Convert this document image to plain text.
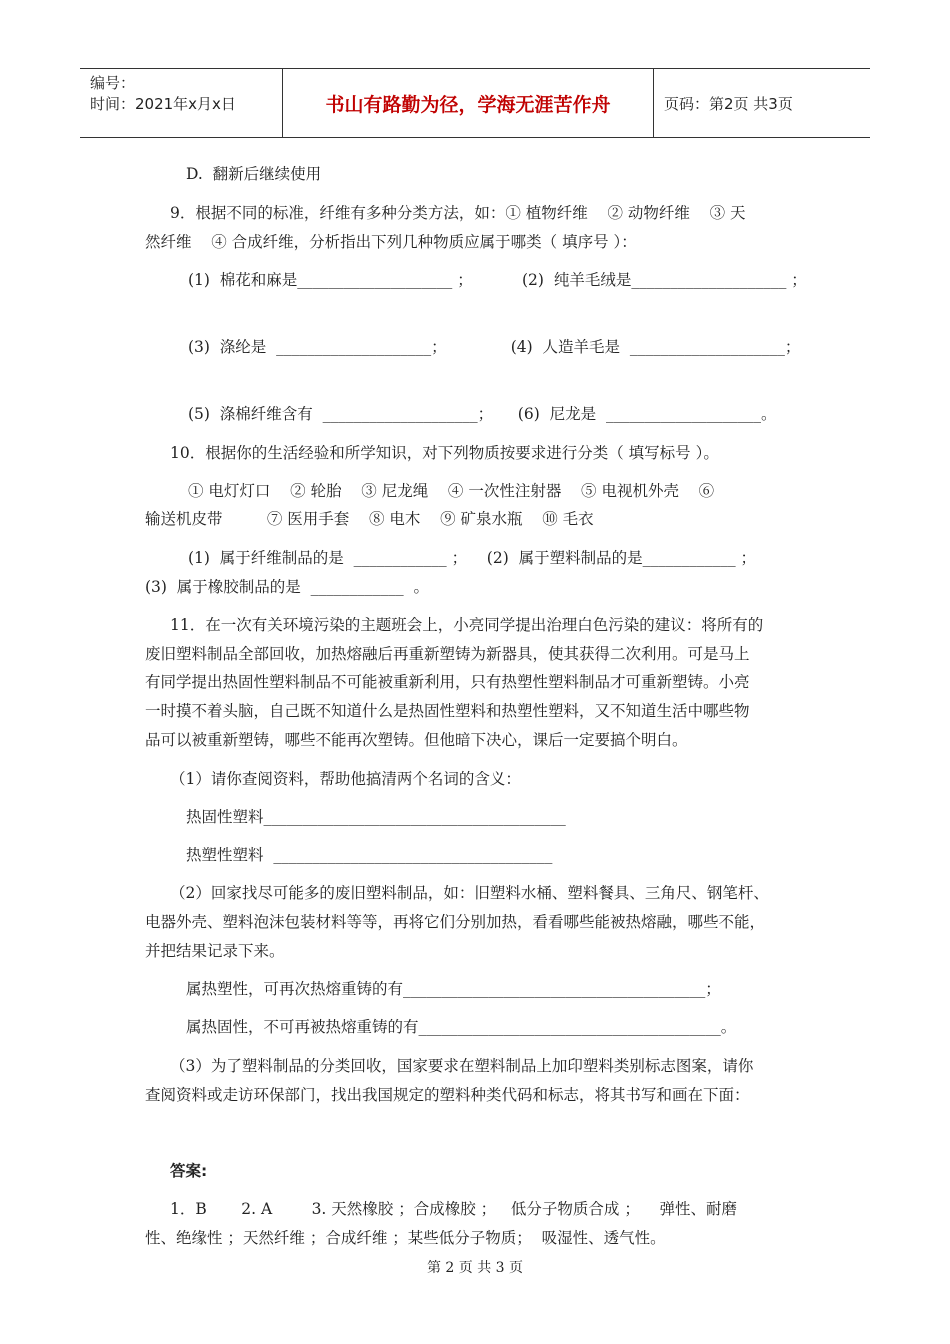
编号：
时间：2021年x月x日	书山有路勤为径，学海无涯苦作舟	页码：第2页 共3页
D.  翻新后继续使用
9．根据不同的标准，纤维有多种分类方法，如：① 植物纤维    ② 动物纤维    ③ 天
然纤维    ④ 合成纤维，分析指出下列几种物质应属于哪类（ 填序号 ）：
(1)  棉花和麻是____________________ ；          (2)  纯羊毛绒是____________________ ；
(3)  涤纶是  ____________________；             (4)  人造羊毛是  ____________________；
(5)  涤棉纤维含有  ____________________；     (6)  尼龙是  ____________________。
10．根据你的生活经验和所学知识，对下列物质按要求进行分类（ 填写标号 ）。
① 电灯灯口    ② 轮胎    ③ 尼龙绳    ④ 一次性注射器    ⑤ 电视机外壳    ⑥
输送机皮带         ⑦ 医用手套    ⑧ 电木    ⑨ 矿泉水瓶    ⑩ 毛衣
(1)  属于纤维制品的是  ____________ ；    (2)  属于塑料制品的是____________ ；
(3)  属于橡胶制品的是  ____________  。
11．在一次有关环境污染的主题班会上，小亮同学提出治理白色污染的建议：将所有的
废旧塑料制品全部回收，加热熔融后再重新塑铸为新器具，使其获得二次利用。可是马上
有同学提出热固性塑料制品不可能被重新利用，只有热塑性塑料制品才可重新塑铸。小亮
一时摸不着头脑，自己既不知道什么是热固性塑料和热塑性塑料，又不知道生活中哪些物
品可以被重新塑铸，哪些不能再次塑铸。但他暗下决心，课后一定要搞个明白。
（1）请你查阅资料，帮助他搞清两个名词的含义：
热固性塑料_______________________________________
热塑性塑料  ____________________________________
（2）回家找尽可能多的废旧塑料制品，如：旧塑料水桶、塑料餐具、三角尺、钢笔杆、
电器外壳、塑料泡沫包装材料等等，再将它们分别加热，看看哪些能被热熔融，哪些不能，
并把结果记录下来。
属热塑性，可再次热熔重铸的有_______________________________________；
属热固性，不可再被热熔重铸的有_______________________________________。
（3）为了塑料制品的分类回收，国家要求在塑料制品上加印塑料类别标志图案，请你
查阅资料或走访环保部门，找出我国规定的塑料种类代码和标志，将其书写和画在下面：
答案:
1．B       2. A        3. 天然橡胶 ；合成橡胶 ；   低分子物质合成 ；    弹性、耐磨
性、绝缘性 ；天然纤维 ；合成纤维 ；某些低分子物质；  吸湿性、透气性。
第 2 页 共 3 页
